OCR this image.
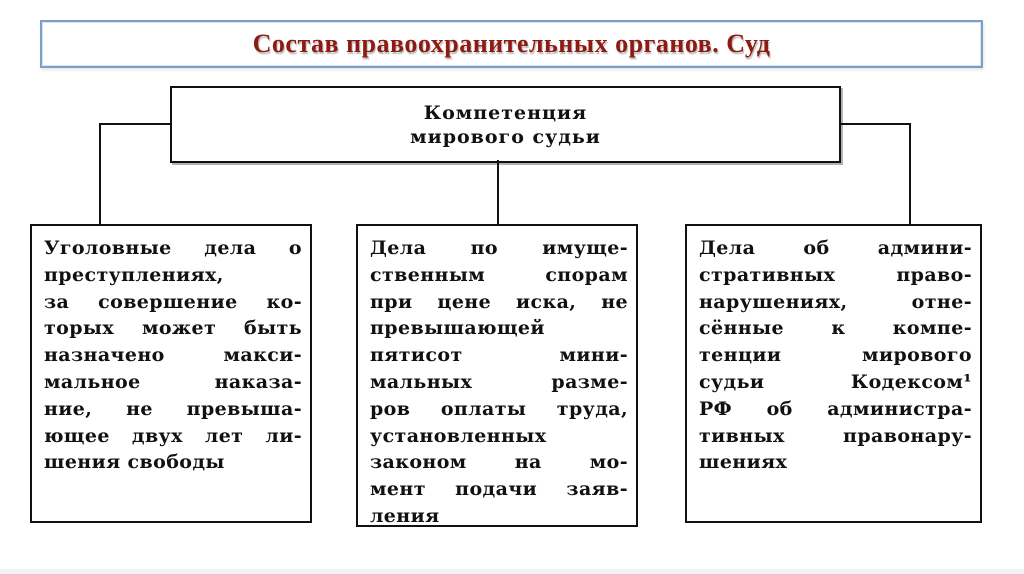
Состав правоохранительных органов. Суд
Компетенция
мирового судьи
Уголовные дела о
преступлениях,
за совершение ко-
торых может быть
назначено макси-
мальное наказа-
ние, не превыша-
ющее двух лет ли-
шения свободы
Дела по имуще-
ственным спорам
при цене иска, не
превышающей
пятисот мини-
мальных разме-
ров оплаты труда,
установленных
законом на мо-
мент подачи заяв-
ления
Дела об админи-
стративных право-
нарушениях, отне-
сённые к компе-
тенции мирового
судьи Кодексом¹
РФ об администра-
тивных правонару-
шениях
